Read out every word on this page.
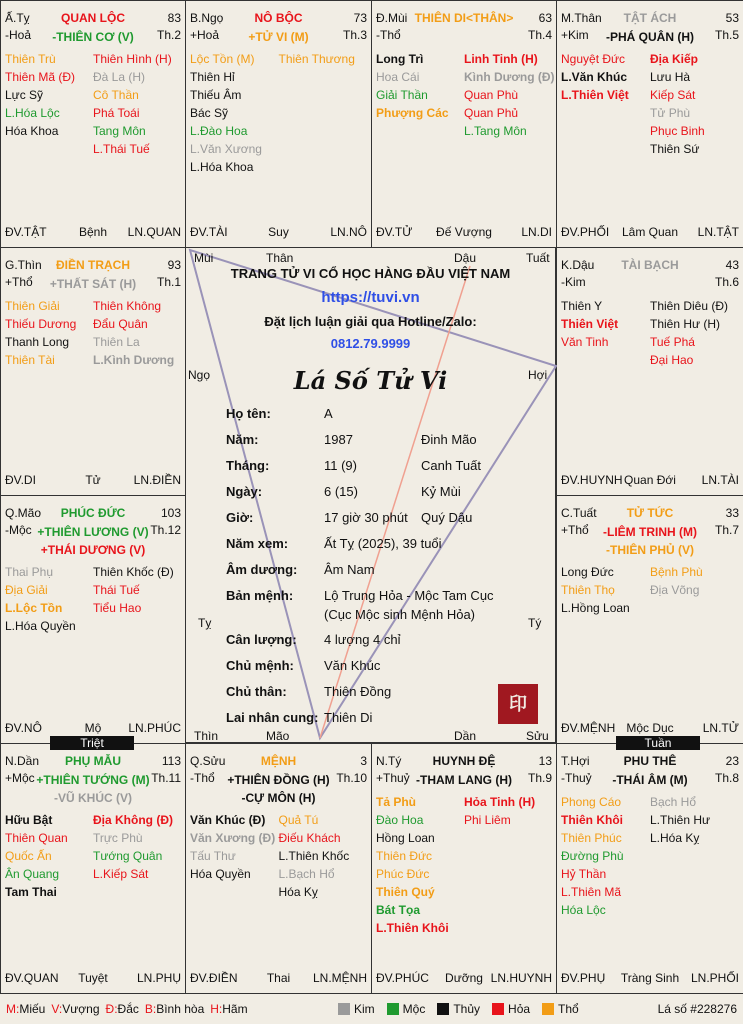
Ấ.Tỵ	QUAN LỘC	83
-Hoả	Th.2
-THIÊN CƠ (V)
Thiên Trù
Thiên Mã (Đ)
Lực Sỹ
L.Hóa Lộc
Hóa Khoa
Thiên Hình (H)
Đà La (H)
Cô Thần
Phá Toái
Tang Môn
L.Thái Tuế
ĐV.TẬT	Bệnh	LN.QUAN
B.Ngọ	NÔ BỘC	73
+Hoả	Th.3
+TỬ VI (M)
Lộc Tồn (M)
Thiên Hỉ
Thiếu Âm
Bác Sỹ
L.Đào Hoa
L.Văn Xương
L.Hóa Khoa
Thiên Thương
ĐV.TÀI	Suy	LN.NÔ
Đ.Mùi THIÊN DI<THÂN>	63
-Thổ	Th.4
Long Trì
Hoa Cái
Giải Thần
Phượng Các
Linh Tinh (H)
Kình Dương (Đ)
Quan Phù
Quan Phủ
L.Tang Môn
ĐV.TỬ	Đế Vượng	LN.DI
M.Thân	TẬT ÁCH	53
+Kim	Th.5
-PHÁ QUÂN (H)
Nguyệt Đức
L.Văn Khúc
L.Thiên Việt
Địa Kiếp
Lưu Hà
Kiếp Sát
Tử Phù
Phục Binh
Thiên Sứ
ĐV.PHỐI	Lâm Quan	LN.TẬT
G.Thìn	ĐIỀN TRẠCH	93
+Thổ	Th.1
+THẤT SÁT (H)
Thiên Giải
Thiếu Dương
Thanh Long
Thiên Tài
Thiên Không
Đẩu Quân
Thiên La
L.Kình Dương
ĐV.DI	Tử	LN.ĐIỀN
K.Dậu	TÀI BẠCH	43
-Kim	Th.6
Thiên Y
Thiên Việt
Văn Tinh
Thiên Diêu (Đ)
Thiên Hư (H)
Tuế Phá
Đại Hao
ĐV.HUYNH Quan Đới	LN.TÀI
Q.Mão	PHÚC ĐỨC	103
-Mộc	Th.12
+THIÊN LƯƠNG (V)
+THÁI DƯƠNG (V)
Thai Phụ
Địa Giải
L.Lộc Tồn
L.Hóa Quyền
Thiên Khốc (Đ)
Thái Tuế
Tiểu Hao
ĐV.NÔ	Mộ	LN.PHÚC
C.Tuất	TỬ TỨC	33
+Thổ	Th.7
-LIÊM TRINH (M)
-THIÊN PHỦ (V)
Long Đức
Thiên Thọ
L.Hồng Loan
Bệnh Phù
Địa Võng
ĐV.MỆNH Mộc Dục	LN.TỬ
N.Dần	PHỤ MẪU	113
+Mộc	Th.11
+THIÊN TƯỚNG (M)
-VŨ KHÚC (V)
Hữu Bật
Thiên Quan
Quốc Ấn
Ân Quang
Tam Thai
Địa Không (Đ)
Trực Phù
Tướng Quân
L.Kiếp Sát
ĐV.QUAN	Tuyệt	LN.PHỤ
Q.Sửu	MỆNH	3
-Thổ	Th.10
+THIÊN ĐỒNG (H)
-CỰ MÔN (H)
Văn Khúc (Đ)
Văn Xương (Đ)
Tấu Thư
Hóa Quyền
Quả Tú
Điếu Khách
L.Thiên Khốc
L.Bạch Hổ
Hóa Kỵ
ĐV.ĐIỀN	Thai	LN.MỆNH
N.Tý	HUYNH ĐỆ	13
+Thuỷ	Th.9
-THAM LANG (H)
Tả Phù
Đào Hoa
Hồng Loan
Thiên Đức
Phúc Đức
Thiên Quý
Bát Tọa
L.Thiên Khôi
Hỏa Tinh (H)
Phi Liêm
ĐV.PHÚC	Dưỡng LN.HUYNH
T.Hợi	PHU THÊ	23
-Thuỷ	Th.8
-THÁI ÂM (M)
Phong Cáo
Thiên Khôi
Thiên Phúc
Đường Phù
Hỷ Thần
L.Thiên Mã
Hóa Lộc
Bạch Hổ
L.Thiên Hư
L.Hóa Kỵ
ĐV.PHỤ	Tràng Sinh LN.PHỐI
Mùi	Thân	Dậu	Tuất
Ngọ	Hợi
Tỵ	Tý
Thìn	Mão	Dần	Sửu
TRANG TỬ VI CỔ HỌC HÀNG ĐẦU VIỆT NAM
https://tuvi.vn
Đặt lịch luận giải qua Hotline/Zalo:
0812.79.9999
Lá Số Tử Vi
Họ tên:	A
Năm:	1987	Đinh Mão
Tháng:	11 (9)	Canh Tuất
Ngày:	6 (15)	Kỷ Mùi
Giờ:	17 giờ 30 phút Quý Dậu
Năm xem:	Ất Tỵ (2025), 39 tuổi
Âm dương: Âm Nam
Bản mệnh: Lộ Trung Hỏa - Mộc Tam Cục
(Cục Mộc sinh Mệnh Hỏa)
Cân lượng: 4 lượng 4 chỉ
Chủ mệnh: Văn Khúc
Chủ thân:	Thiên Đồng
Lai nhân cung: Thiên Di
印
Triệt	Tuần
M:Miếu V:Vượng Đ:Đắc B:Bình hòa H:Hãm	Kim Mộc Thủy Hỏa Thổ	Lá số #228276
